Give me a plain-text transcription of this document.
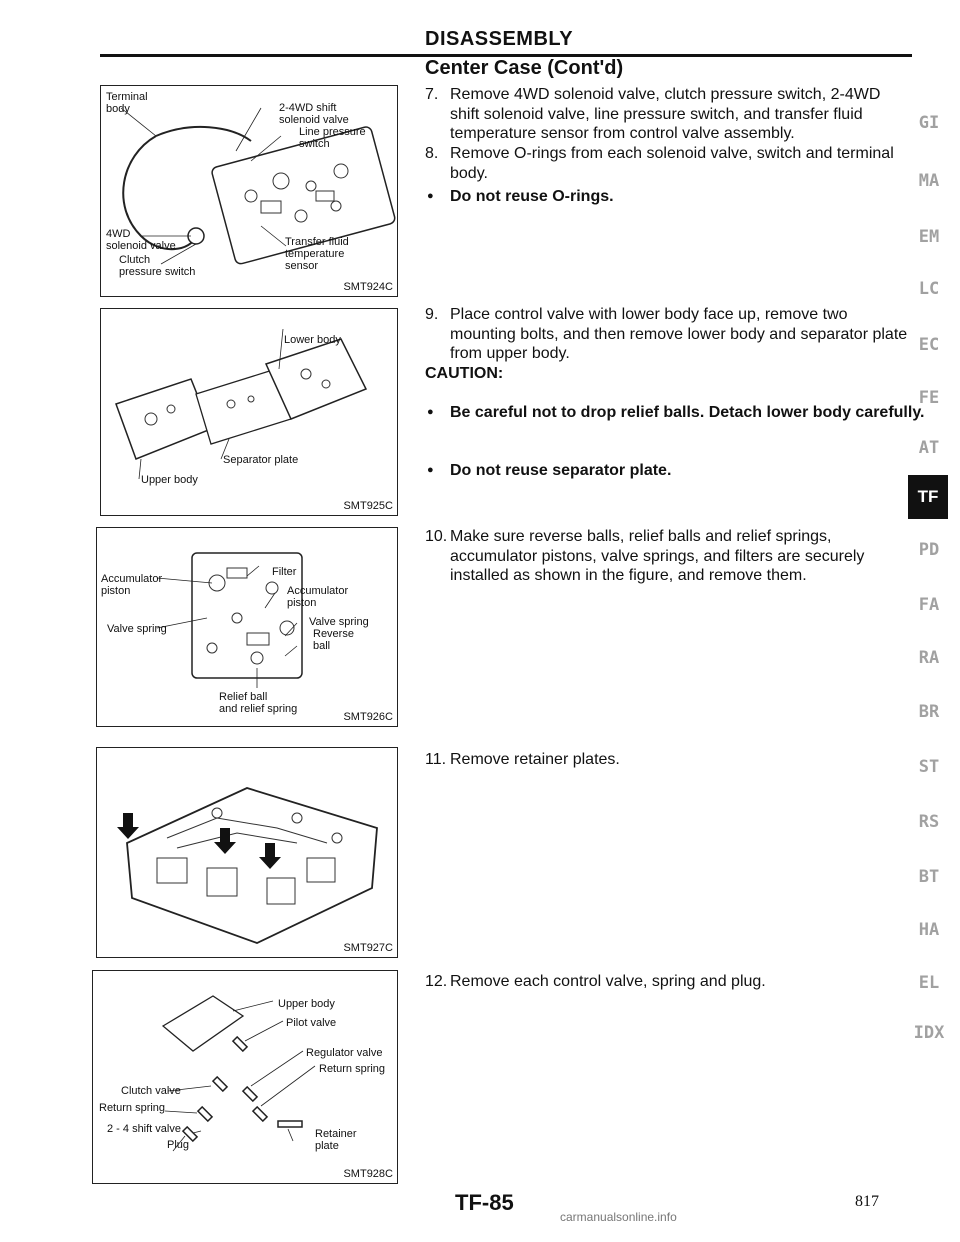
DISASSEMBLY
Center Case (Cont'd)
Terminal
body	2-4WD shift
solenoid valve
Line pressure
switch
4WD
solenoid valve
Clutch
pressure switch
Transfer fluid
temperature
sensor
SMT924C
Lower body
Separator plate
Upper body
SMT925C
Accumulator
piston
Filter
Accumulator
piston
Valve spring
Valve spring
Reverse
ball
Relief ball
and relief spring
SMT926C
SMT927C
Upper body
Pilot valve
Regulator valve
Return spring
Clutch valve
Return spring
2 - 4 shift valve
Plug
Retainer
plate
SMT928C
7. Remove 4WD solenoid valve, clutch pressure switch, 2-4WD shift solenoid valve, line pressure switch, and transfer fluid temperature sensor from control valve assembly.
8. Remove O-rings from each solenoid valve, switch and terminal body.
● Do not reuse O-rings.
9. Place control valve with lower body face up, remove two mounting bolts, and then remove lower body and separator plate from upper body.
CAUTION:
● Be careful not to drop relief balls. Detach lower body carefully.
● Do not reuse separator plate.
10. Make sure reverse balls, relief balls and relief springs, accumulator pistons, valve springs, and filters are securely installed as shown in the figure, and remove them.
11. Remove retainer plates.
12. Remove each control valve, spring and plug.
GI
MA
EM
LC
EC
FE
AT
TF
PD
FA
RA
BR
ST
RS
BT
HA
EL
IDX
TF-85	817
carmanualsonline.info
